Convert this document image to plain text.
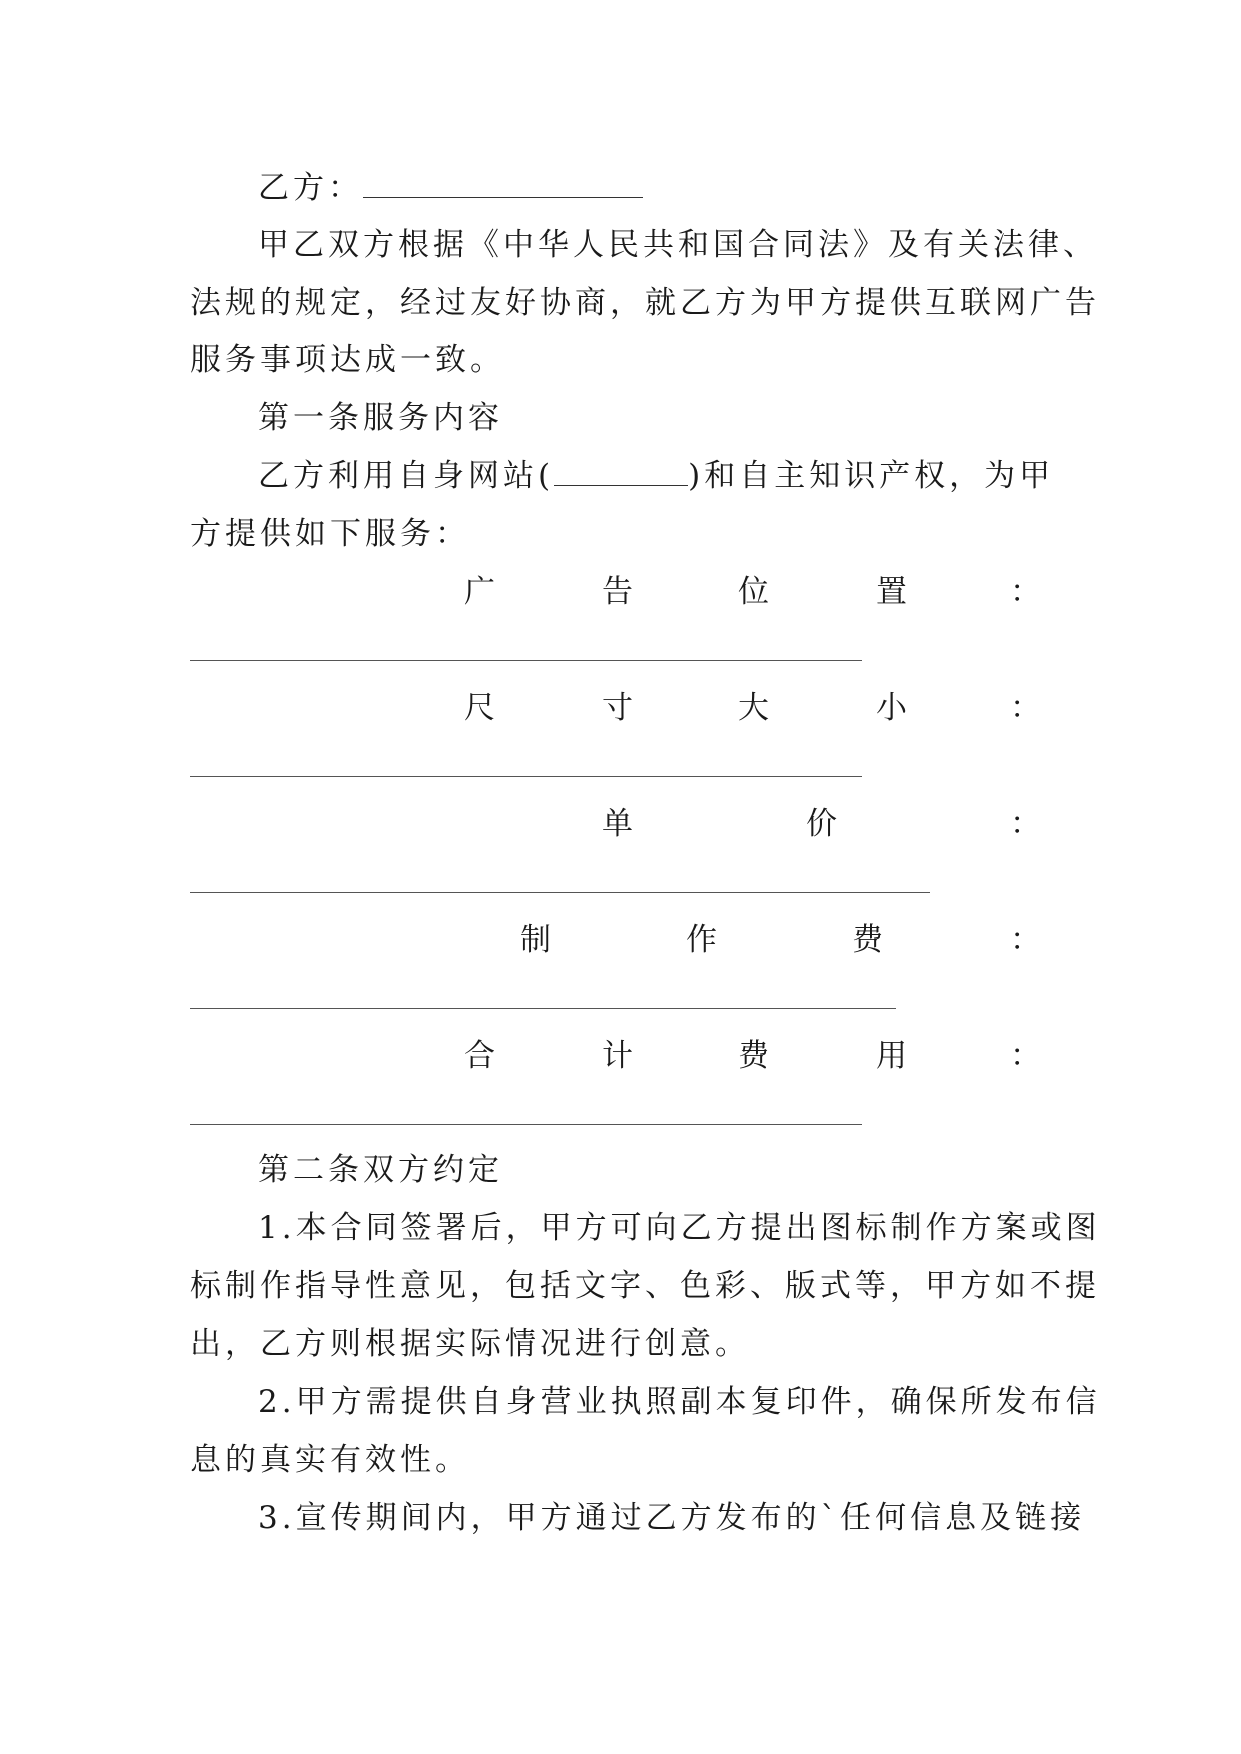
乙方：
甲乙双方根据《中华人民共和国合同法》及有关法律、
法规的规定，经过友好协商，就乙方为甲方提供互联网广告
服务事项达成一致。
第一条服务内容
乙方利用自身网站(	)和自主知识产权，为甲
方提供如下服务：
广	告	位	置	：
尺	寸	大	小	：
单	价	：
制	作	费	：
合	计	费	用	：
第二条双方约定
1.本合同签署后，甲方可向乙方提出图标制作方案或图
标制作指导性意见，包括文字、色彩、版式等，甲方如不提
出，乙方则根据实际情况进行创意。
2.甲方需提供自身营业执照副本复印件，确保所发布信
息的真实有效性。
3.宣传期间内，甲方通过乙方发布的`任何信息及链接
